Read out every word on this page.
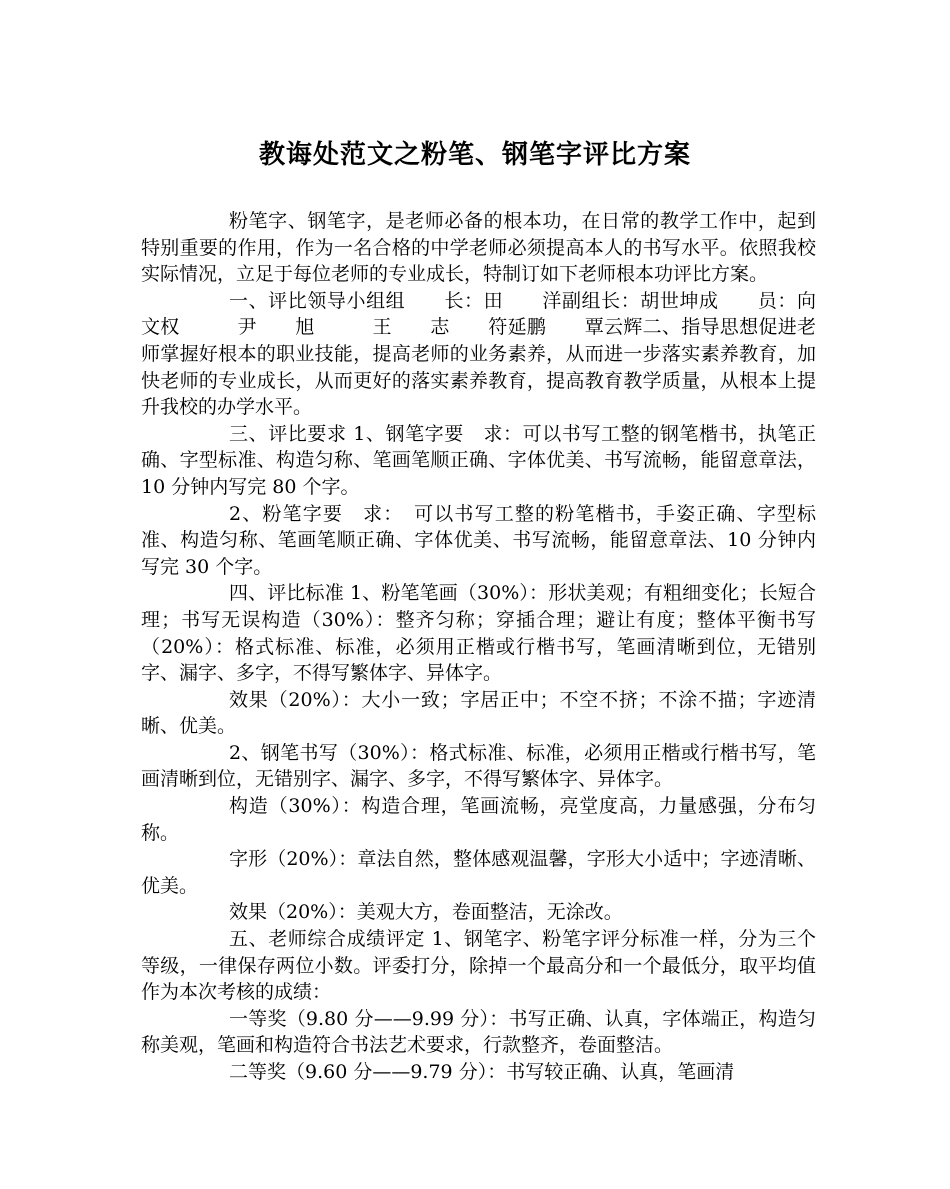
教诲处范文之粉笔、钢笔字评比方案

粉笔字、钢笔字，是老师必备的根本功，在日常的教学工作中，起到特别重要的作用，作为一名合格的中学老师必须提高本人的书写水平。依照我校实际情况，立足于每位老师的专业成长，特制订如下老师根本功评比方案。

一、评比领导小组组　　长：田　　洋副组长：胡世坤成　　员：向文权　　　尹　　旭　　　王　　志　　符延鹏　　覃云辉二、指导思想促进老师掌握好根本的职业技能，提高老师的业务素养，从而进一步落实素养教育，加快老师的专业成长，从而更好的落实素养教育，提高教育教学质量，从根本上提升我校的办学水平。

三、评比要求 1、钢笔字要　求：可以书写工整的钢笔楷书，执笔正确、字型标准、构造匀称、笔画笔顺正确、字体优美、书写流畅，能留意章法，10 分钟内写完 80 个字。

2、粉笔字要　求：　可以书写工整的粉笔楷书，手姿正确、字型标准、构造匀称、笔画笔顺正确、字体优美、书写流畅，能留意章法、10 分钟内写完 30 个字。

四、评比标准 1、粉笔笔画（30%）：形状美观；有粗细变化；长短合理；书写无误构造（30%）：整齐匀称；穿插合理；避让有度；整体平衡书写（20%）：格式标准、标准，必须用正楷或行楷书写，笔画清晰到位，无错别字、漏字、多字，不得写繁体字、异体字。

效果（20%）：大小一致；字居正中；不空不挤；不涂不描；字迹清晰、优美。

2、钢笔书写（30%）：格式标准、标准，必须用正楷或行楷书写，笔画清晰到位，无错别字、漏字、多字，不得写繁体字、异体字。

构造（30%）：构造合理，笔画流畅，亮堂度高，力量感强，分布匀称。

字形（20%）：章法自然，整体感观温馨，字形大小适中；字迹清晰、优美。

效果（20%）：美观大方，卷面整洁，无涂改。

五、老师综合成绩评定 1、钢笔字、粉笔字评分标准一样，分为三个等级，一律保存两位小数。评委打分，除掉一个最高分和一个最低分，取平均值作为本次考核的成绩：

一等奖（9.80 分——9.99 分）：书写正确、认真，字体端正，构造匀称美观，笔画和构造符合书法艺术要求，行款整齐，卷面整洁。

二等奖（9.60 分——9.79 分）：书写较正确、认真，笔画清
